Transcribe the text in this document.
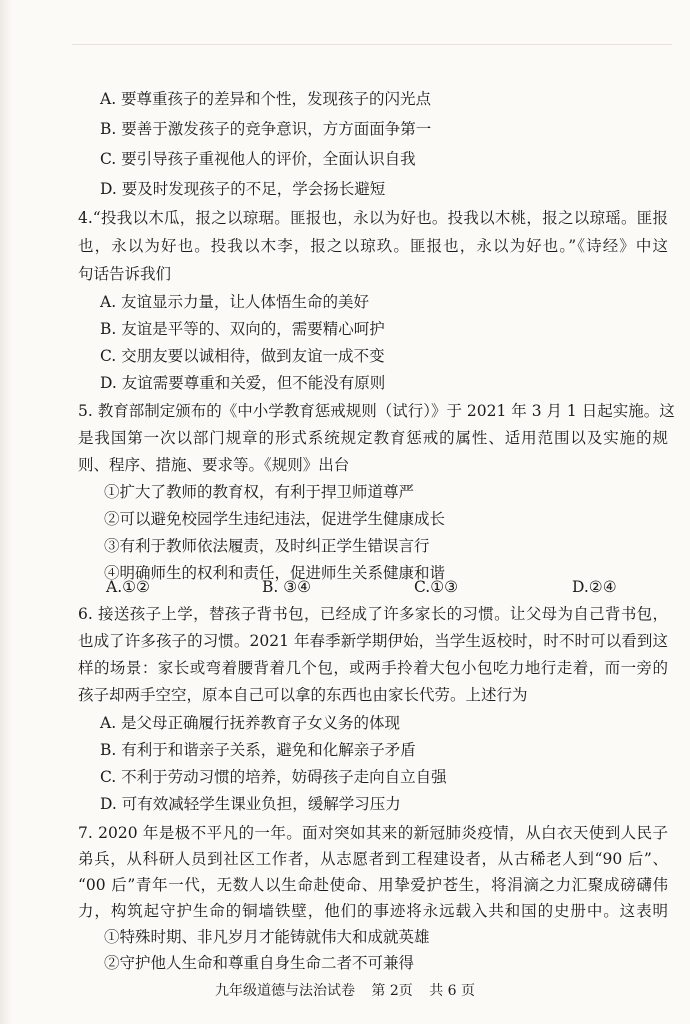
A. 要尊重孩子的差异和个性，发现孩子的闪光点
B. 要善于激发孩子的竞争意识，方方面面争第一
C. 要引导孩子重视他人的评价，全面认识自我
D. 要及时发现孩子的不足，学会扬长避短
4.“投我以木瓜，报之以琼琚。匪报也，永以为好也。投我以木桃，报之以琼瑶。匪报
也，永以为好也。投我以木李，报之以琼玖。匪报也，永以为好也。”《诗经》中这
句话告诉我们
A. 友谊显示力量，让人体悟生命的美好
B. 友谊是平等的、双向的，需要精心呵护
C. 交朋友要以诚相待，做到友谊一成不变
D. 友谊需要尊重和关爱，但不能没有原则
5. 教育部制定颁布的《中小学教育惩戒规则（试行）》于 2021 年 3 月 1 日起实施。这
是我国第一次以部门规章的形式系统规定教育惩戒的属性、适用范围以及实施的规
则、程序、措施、要求等。《规则》出台
①扩大了教师的教育权，有利于捍卫师道尊严
②可以避免校园学生违纪违法，促进学生健康成长
③有利于教师依法履责，及时纠正学生错误言行
④明确师生的权利和责任，促进师生关系健康和谐
A.①②	B. ③④	C.①③	D.②④
6. 接送孩子上学，替孩子背书包，已经成了许多家长的习惯。让父母为自己背书包，
也成了许多孩子的习惯。2021 年春季新学期伊始，当学生返校时，时不时可以看到这
样的场景：家长或弯着腰背着几个包，或两手拎着大包小包吃力地行走着，而一旁的
孩子却两手空空，原本自己可以拿的东西也由家长代劳。上述行为
A. 是父母正确履行抚养教育子女义务的体现
B. 有利于和谐亲子关系，避免和化解亲子矛盾
C. 不利于劳动习惯的培养，妨碍孩子走向自立自强
D. 可有效减轻学生课业负担，缓解学习压力
7. 2020 年是极不平凡的一年。面对突如其来的新冠肺炎疫情，从白衣天使到人民子
弟兵，从科研人员到社区工作者，从志愿者到工程建设者，从古稀老人到“90 后”、
“00 后”青年一代，无数人以生命赴使命、用挚爱护苍生，将涓滴之力汇聚成磅礴伟
力，构筑起守护生命的铜墙铁壁，他们的事迹将永远载入共和国的史册中。这表明
①特殊时期、非凡岁月才能铸就伟大和成就英雄
②守护他人生命和尊重自身生命二者不可兼得
九年级道德与法治试卷 第 2页 共 6 页
